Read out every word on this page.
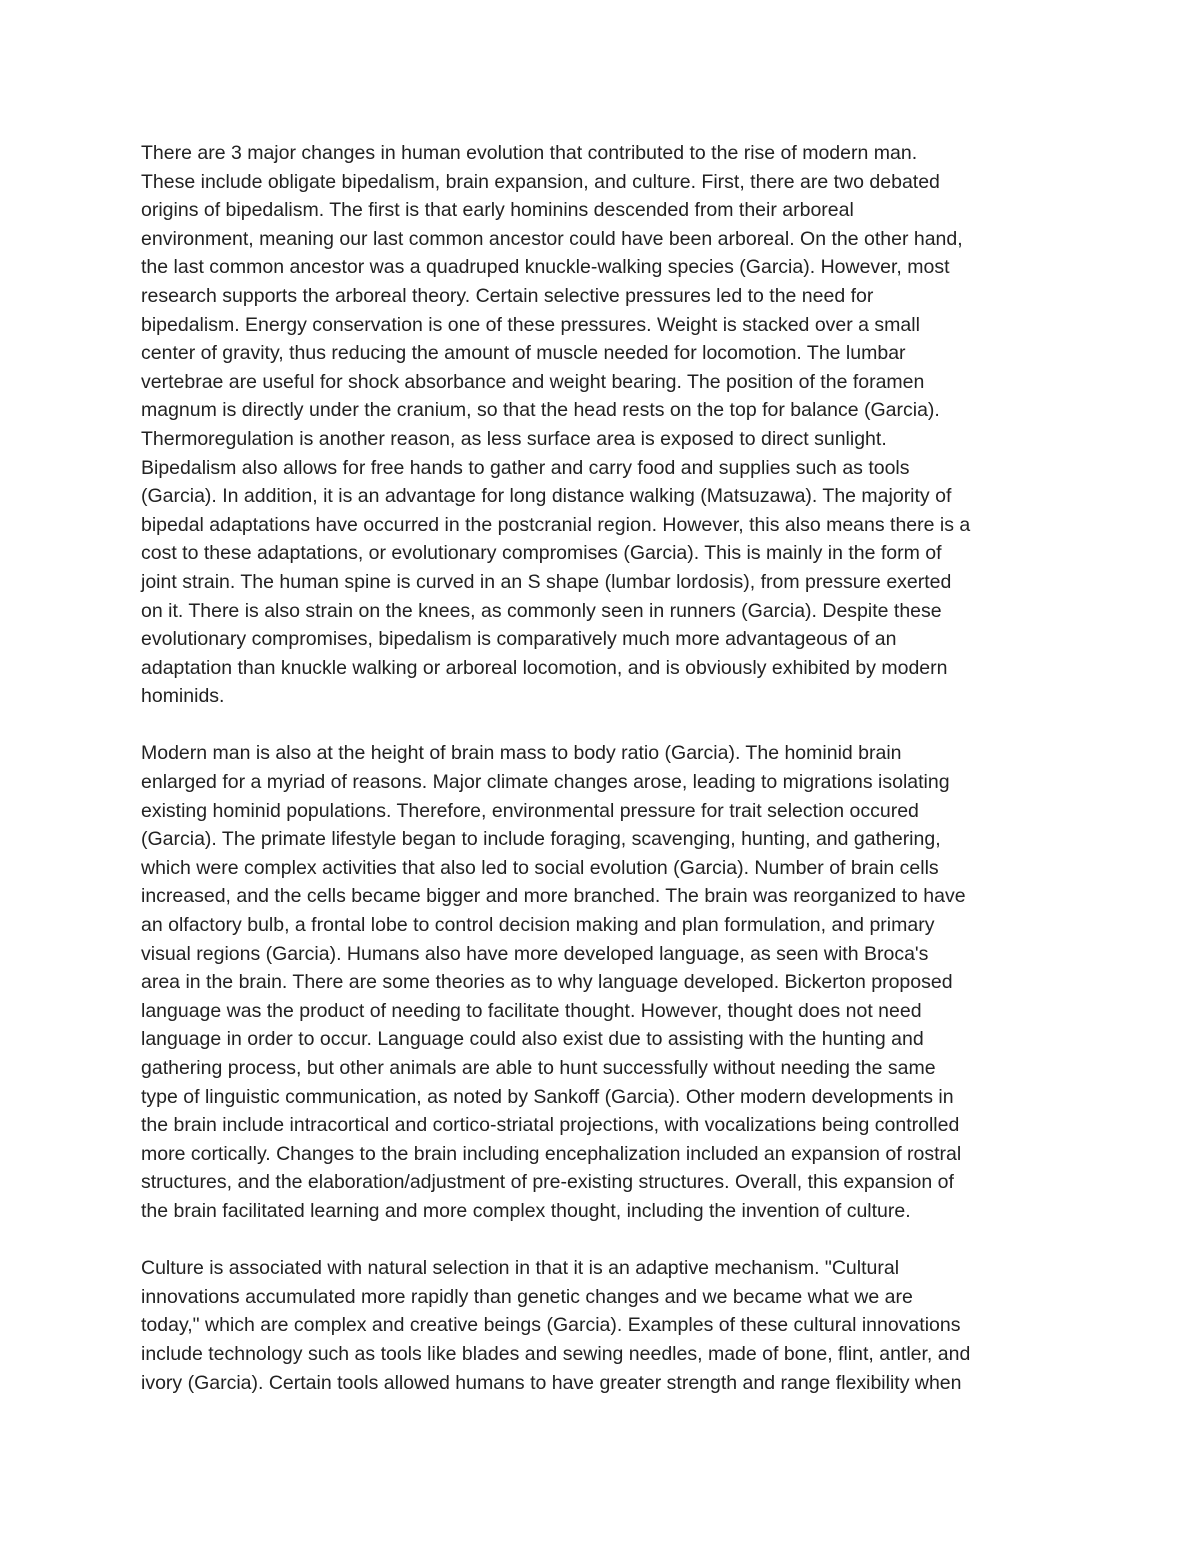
There are 3 major changes in human evolution that contributed to the rise of modern man.
These include obligate bipedalism, brain expansion, and culture. First, there are two debated
origins of bipedalism. The first is that early hominins descended from their arboreal
environment, meaning our last common ancestor could have been arboreal. On the other hand,
the last common ancestor was a quadruped knuckle-walking species (Garcia). However, most
research supports the arboreal theory. Certain selective pressures led to the need for
bipedalism. Energy conservation is one of these pressures. Weight is stacked over a small
center of gravity, thus reducing the amount of muscle needed for locomotion. The lumbar
vertebrae are useful for shock absorbance and weight bearing. The position of the foramen
magnum is directly under the cranium, so that the head rests on the top for balance (Garcia).
Thermoregulation is another reason, as less surface area is exposed to direct sunlight.
Bipedalism also allows for free hands to gather and carry food and supplies such as tools
(Garcia). In addition, it is an advantage for long distance walking (Matsuzawa). The majority of
bipedal adaptations have occurred in the postcranial region. However, this also means there is a
cost to these adaptations, or evolutionary compromises (Garcia). This is mainly in the form of
joint strain. The human spine is curved in an S shape (lumbar lordosis), from pressure exerted
on it. There is also strain on the knees, as commonly seen in runners (Garcia). Despite these
evolutionary compromises, bipedalism is comparatively much more advantageous of an
adaptation than knuckle walking or arboreal locomotion, and is obviously exhibited by modern
hominids.

Modern man is also at the height of brain mass to body ratio (Garcia). The hominid brain
enlarged for a myriad of reasons. Major climate changes arose, leading to migrations isolating
existing hominid populations. Therefore, environmental pressure for trait selection occured
(Garcia). The primate lifestyle began to include foraging, scavenging, hunting, and gathering,
which were complex activities that also led to social evolution (Garcia). Number of brain cells
increased, and the cells became bigger and more branched. The brain was reorganized to have
an olfactory bulb, a frontal lobe to control decision making and plan formulation, and primary
visual regions (Garcia). Humans also have more developed language, as seen with Broca's
area in the brain. There are some theories as to why language developed. Bickerton proposed
language was the product of needing to facilitate thought. However, thought does not need
language in order to occur. Language could also exist due to assisting with the hunting and
gathering process, but other animals are able to hunt successfully without needing the same
type of linguistic communication, as noted by Sankoff (Garcia). Other modern developments in
the brain include intracortical and cortico-striatal projections, with vocalizations being controlled
more cortically. Changes to the brain including encephalization included an expansion of rostral
structures, and the elaboration/adjustment of pre-existing structures. Overall, this expansion of
the brain facilitated learning and more complex thought, including the invention of culture.

Culture is associated with natural selection in that it is an adaptive mechanism. "Cultural
innovations accumulated more rapidly than genetic changes and we became what we are
today," which are complex and creative beings (Garcia). Examples of these cultural innovations
include technology such as tools like blades and sewing needles, made of bone, flint, antler, and
ivory (Garcia). Certain tools allowed humans to have greater strength and range flexibility when
